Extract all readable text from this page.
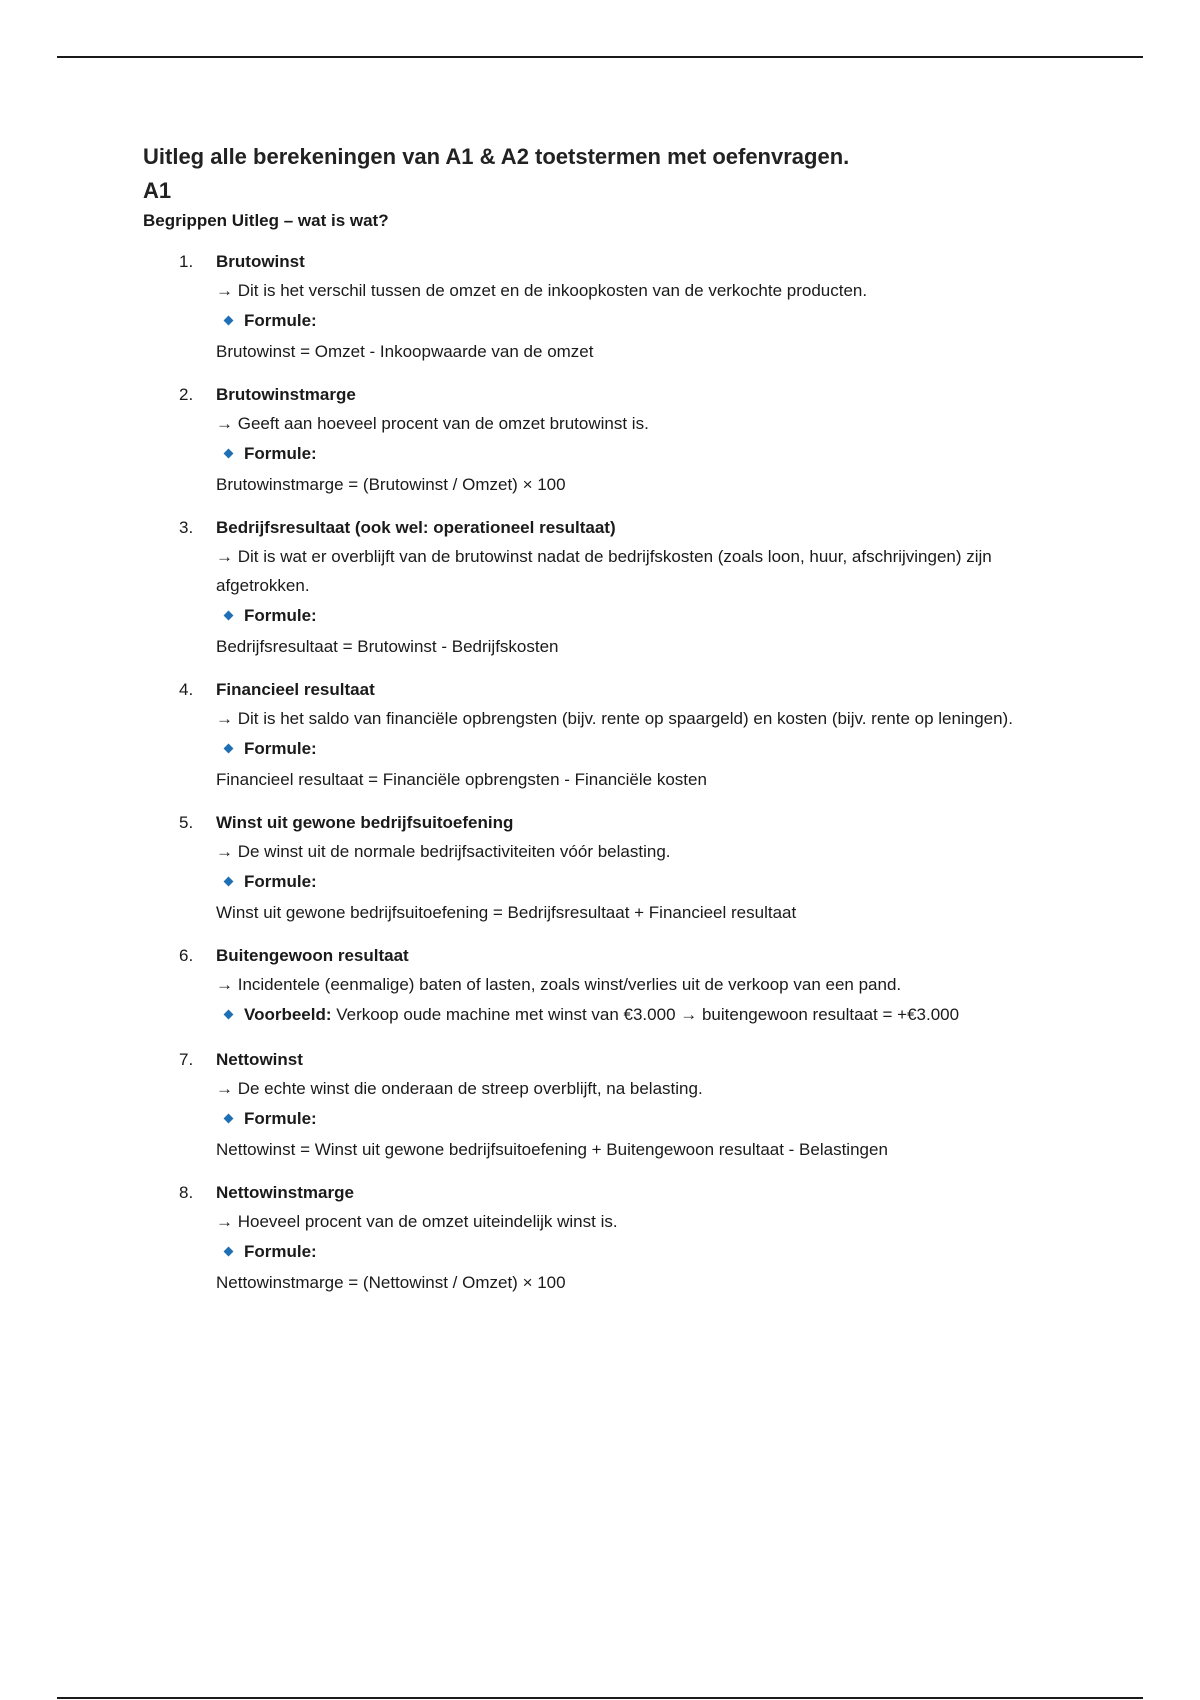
Uitleg alle berekeningen van A1 & A2 toetstermen met oefenvragen.
A1
Begrippen Uitleg – wat is wat?
1. Brutowinst
→ Dit is het verschil tussen de omzet en de inkoopkosten van de verkochte producten.
Formule:
Brutowinst = Omzet - Inkoopwaarde van de omzet
2. Brutowinstmarge
→ Geeft aan hoeveel procent van de omzet brutowinst is.
Formule:
Brutowinstmarge = (Brutowinst / Omzet) × 100
3. Bedrijfsresultaat (ook wel: operationeel resultaat)
→ Dit is wat er overblijft van de brutowinst nadat de bedrijfskosten (zoals loon, huur, afschrijvingen) zijn afgetrokken.
Formule:
Bedrijfsresultaat = Brutowinst - Bedrijfskosten
4. Financieel resultaat
→ Dit is het saldo van financiële opbrengsten (bijv. rente op spaargeld) en kosten (bijv. rente op leningen).
Formule:
Financieel resultaat = Financiële opbrengsten - Financiële kosten
5. Winst uit gewone bedrijfsuitoefening
→ De winst uit de normale bedrijfsactiviteiten vóór belasting.
Formule:
Winst uit gewone bedrijfsuitoefening = Bedrijfsresultaat + Financieel resultaat
6. Buitengewoon resultaat
→ Incidentele (eenmalige) baten of lasten, zoals winst/verlies uit de verkoop van een pand.
Voorbeeld: Verkoop oude machine met winst van €3.000 → buitengewoon resultaat = +€3.000
7. Nettowinst
→ De echte winst die onderaan de streep overblijft, na belasting.
Formule:
Nettowinst = Winst uit gewone bedrijfsuitoefening + Buitengewoon resultaat - Belastingen
8. Nettowinstmarge
→ Hoeveel procent van de omzet uiteindelijk winst is.
Formule:
Nettowinstmarge = (Nettowinst / Omzet) × 100
